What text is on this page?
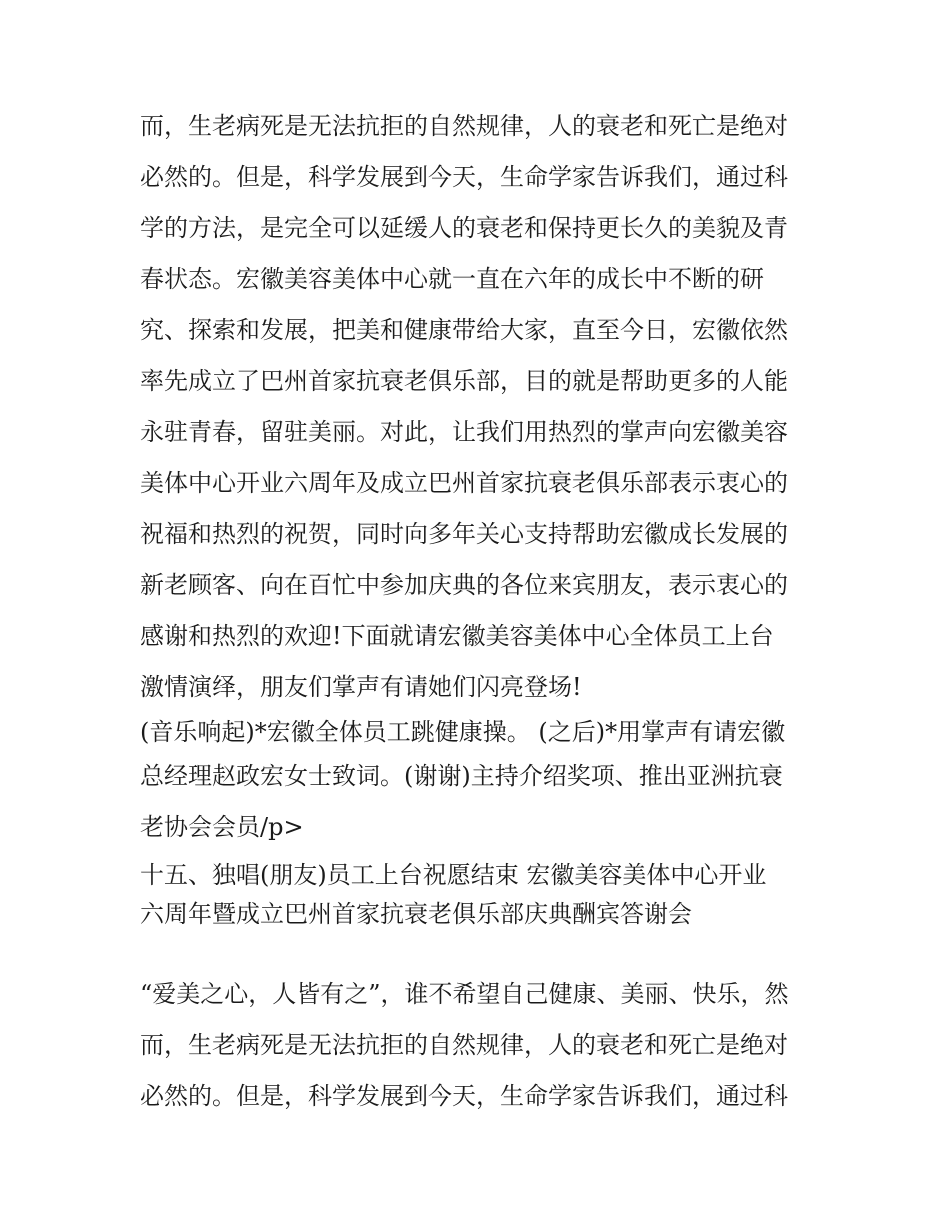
而，生老病死是无法抗拒的自然规律，人的衰老和死亡是绝对
必然的。但是，科学发展到今天，生命学家告诉我们，通过科
学的方法，是完全可以延缓人的衰老和保持更长久的美貌及青
春状态。宏徽美容美体中心就一直在六年的成长中不断的研
究、探索和发展，把美和健康带给大家，直至今日，宏徽依然
率先成立了巴州首家抗衰老俱乐部，目的就是帮助更多的人能
永驻青春，留驻美丽。对此，让我们用热烈的掌声向宏徽美容
美体中心开业六周年及成立巴州首家抗衰老俱乐部表示衷心的
祝福和热烈的祝贺，同时向多年关心支持帮助宏徽成长发展的
新老顾客、向在百忙中参加庆典的各位来宾朋友，表示衷心的
感谢和热烈的欢迎!下面就请宏徽美容美体中心全体员工上台
激情演绎，朋友们掌声有请她们闪亮登场!
(音乐响起)*宏徽全体员工跳健康操。 (之后)*用掌声有请宏徽
总经理赵政宏女士致词。(谢谢)主持介绍奖项、推出亚洲抗衰
老协会会员/p>
十五、独唱(朋友)员工上台祝愿结束 宏徽美容美体中心开业
六周年暨成立巴州首家抗衰老俱乐部庆典酬宾答谢会
“爱美之心，人皆有之”，谁不希望自己健康、美丽、快乐，然
而，生老病死是无法抗拒的自然规律，人的衰老和死亡是绝对
必然的。但是，科学发展到今天，生命学家告诉我们，通过科
